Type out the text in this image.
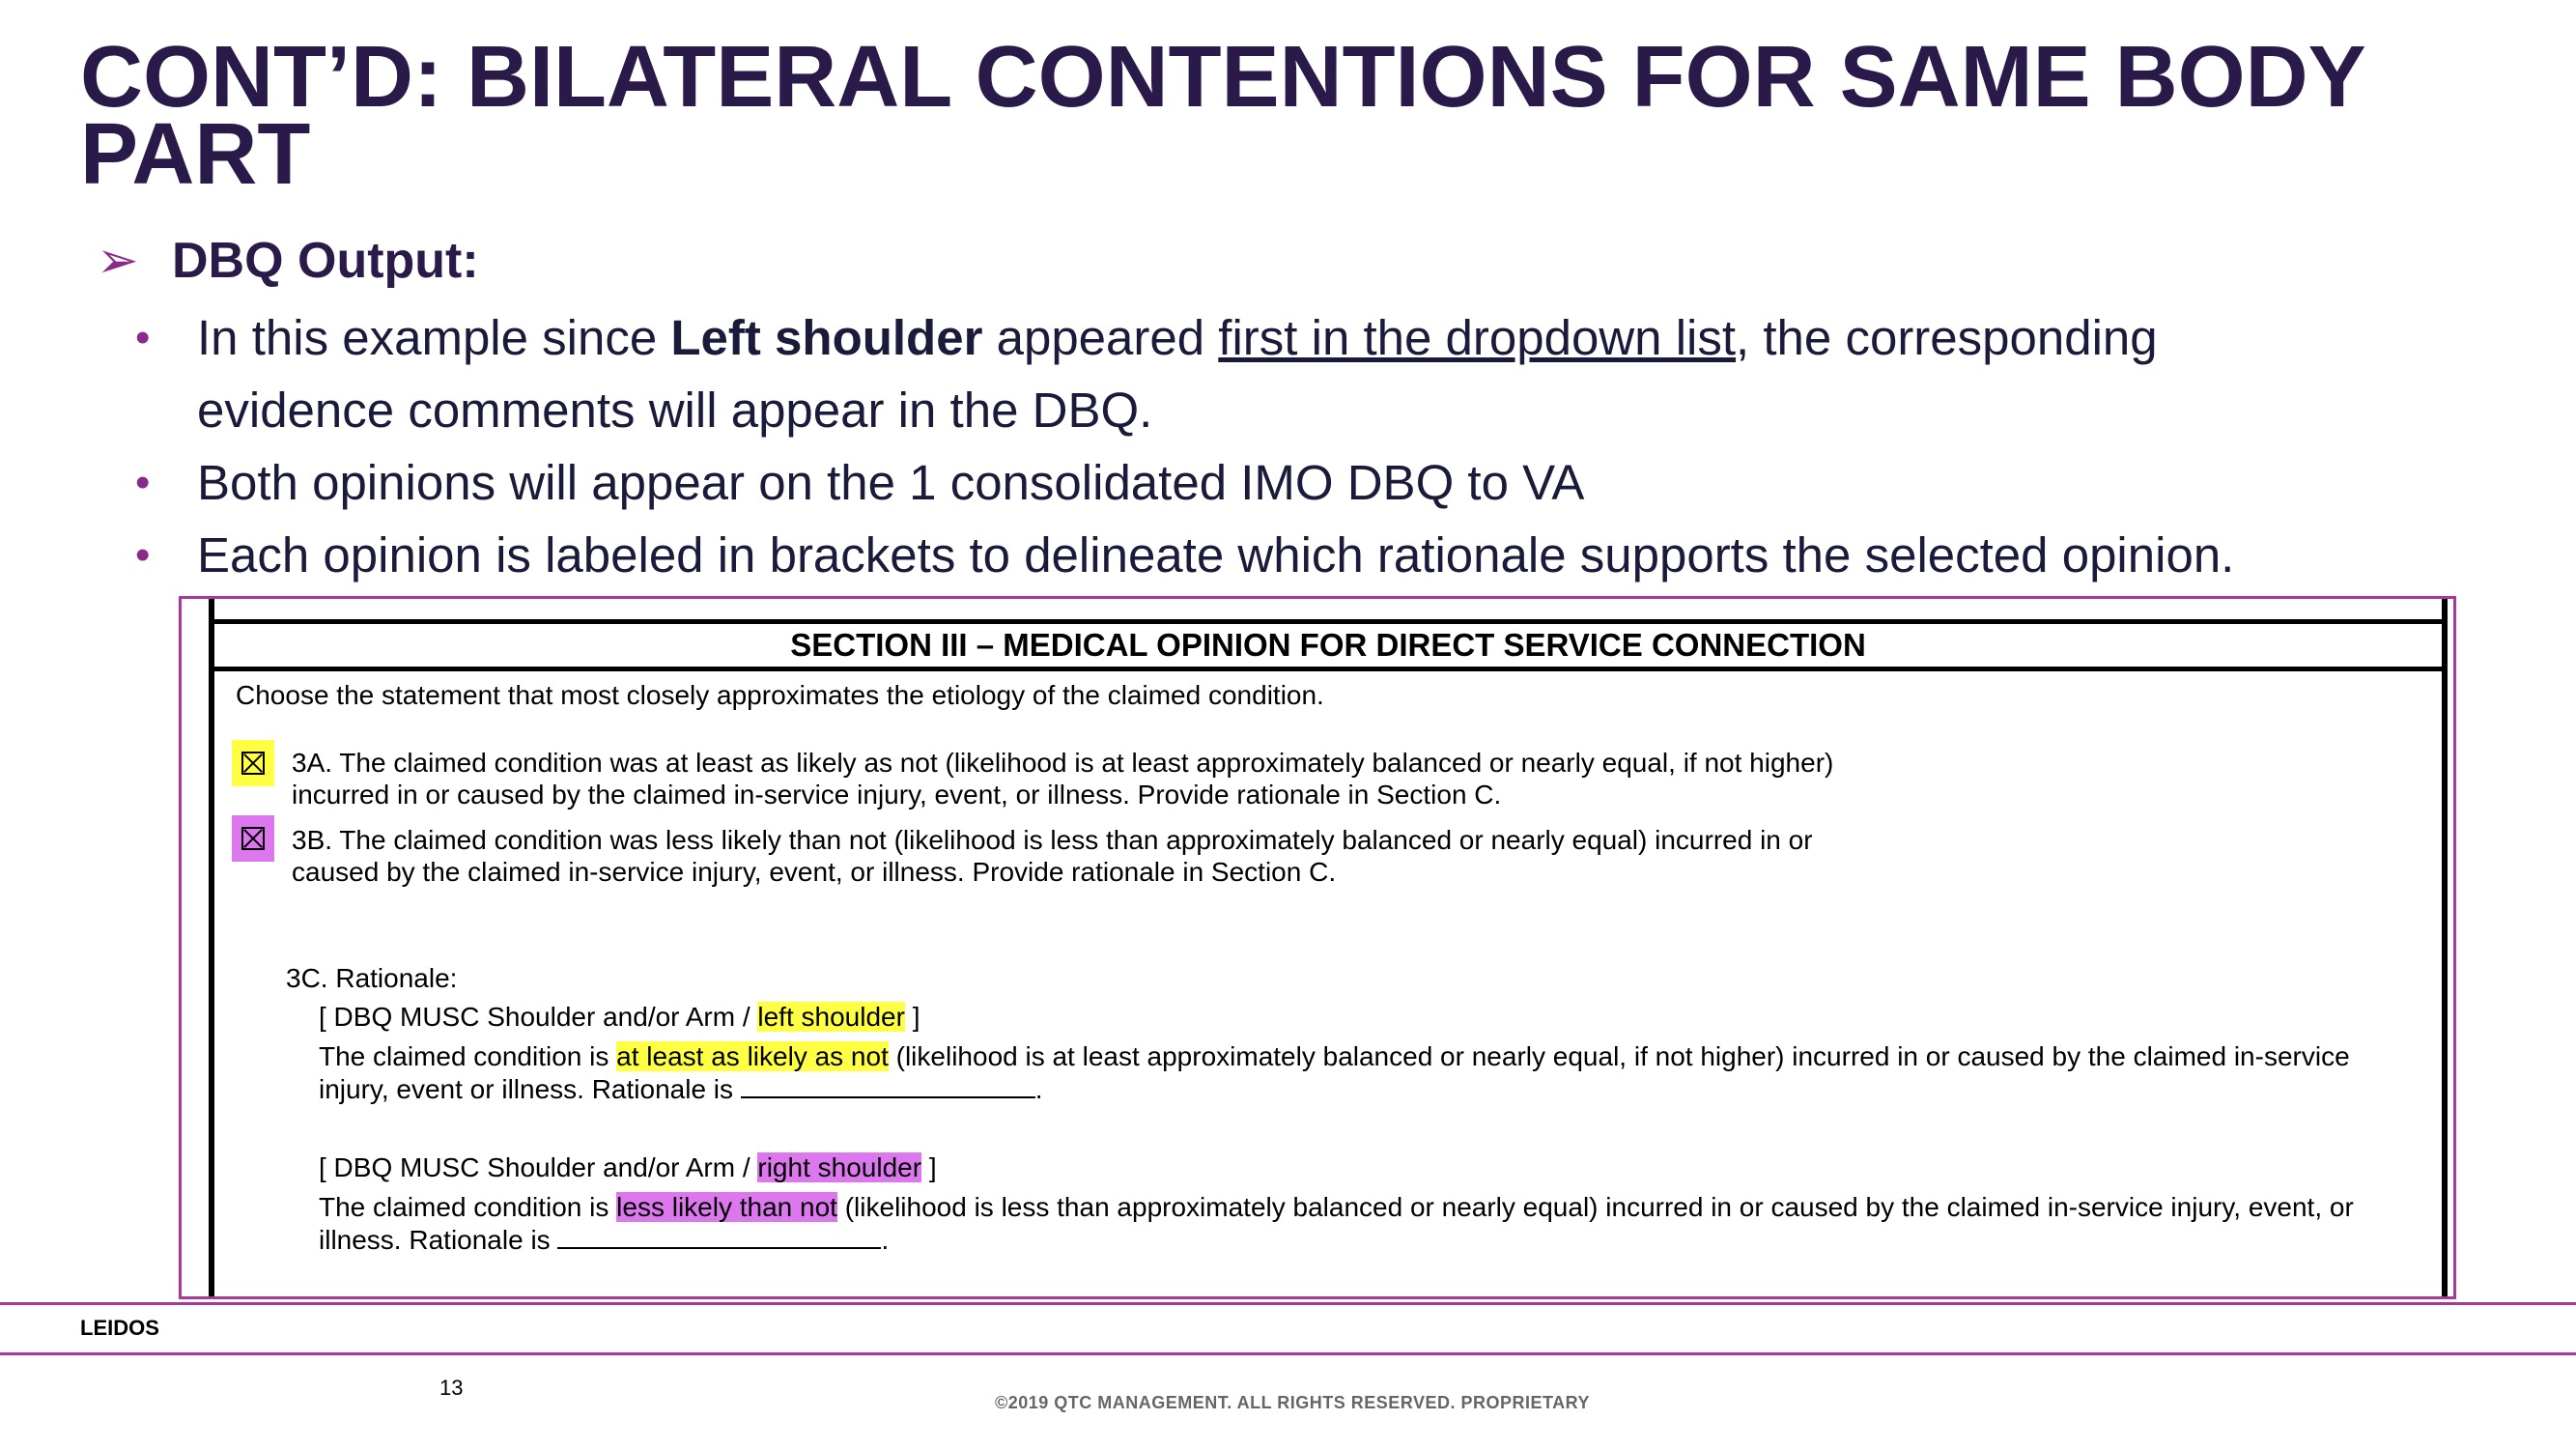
CONT’D: BILATERAL CONTENTIONS FOR SAME BODY PART
➢ DBQ Output:
• In this example since Left shoulder appeared first in the dropdown list, the corresponding
evidence comments will appear in the DBQ.
• Both opinions will appear on the 1 consolidated IMO DBQ to VA
• Each opinion is labeled in brackets to delineate which rationale supports the selected opinion.
SECTION III – MEDICAL OPINION FOR DIRECT SERVICE CONNECTION
Choose the statement that most closely approximates the etiology of the claimed condition.
3A. The claimed condition was at least as likely as not (likelihood is at least approximately balanced or nearly equal, if not higher)
incurred in or caused by the claimed in-service injury, event, or illness. Provide rationale in Section C.
3B. The claimed condition was less likely than not (likelihood is less than approximately balanced or nearly equal) incurred in or
caused by the claimed in-service injury, event, or illness. Provide rationale in Section C.
3C. Rationale:
[ DBQ MUSC Shoulder and/or Arm / left shoulder ]
The claimed condition is at least as likely as not (likelihood is at least approximately balanced or nearly equal, if not higher) incurred in or caused by the claimed in-service
injury, event or illness. Rationale is	.
[ DBQ MUSC Shoulder and/or Arm / right shoulder ]
The claimed condition is less likely than not (likelihood is less than approximately balanced or nearly equal) incurred in or caused by the claimed in-service injury, event, or
illness. Rationale is	.
LEIDOS
13
©2019 QTC MANAGEMENT. ALL RIGHTS RESERVED. PROPRIETARY
